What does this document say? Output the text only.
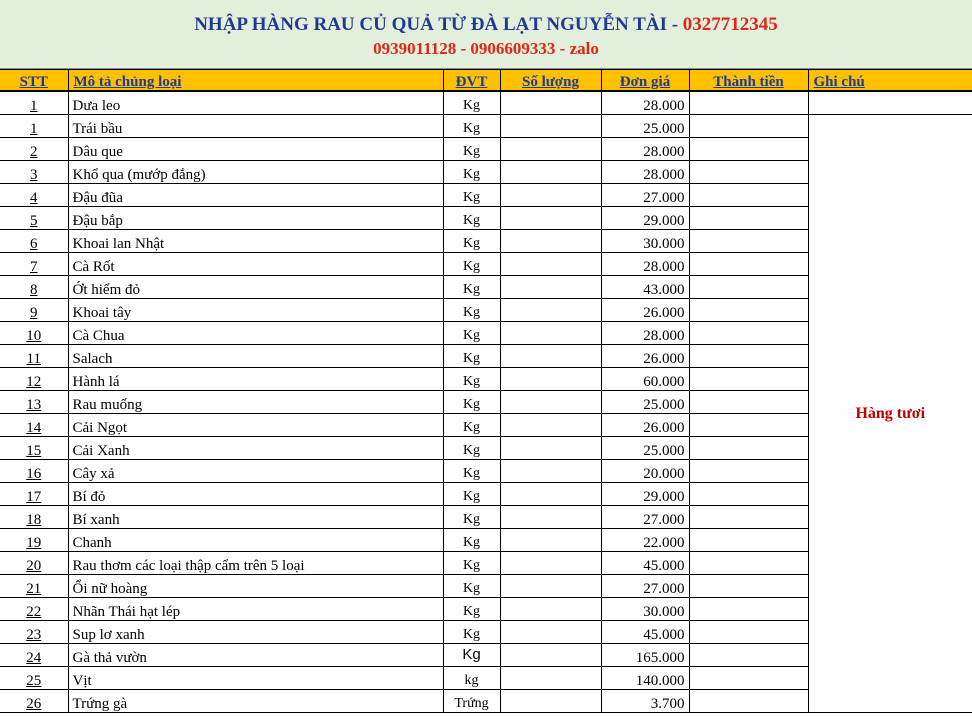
NHẬP HÀNG RAU CỦ QUẢ TỪ ĐÀ LẠT NGUYỄN TÀI - 0327712345
0939011128 - 0906609333 - zalo
STT	Mô tả chủng loại	ĐVT	Số lượng	Đơn giá	Thành tiền	Ghi chú
1	Dưa leo	Kg		28.000		
1	Trái bầu	Kg		25.000		Hàng tươi
2	Dâu que	Kg		28.000		
3	Khổ qua (mướp đắng)	Kg		28.000		
4	Đậu đũa	Kg		27.000		
5	Đậu bắp	Kg		29.000		
6	Khoai lan Nhật	Kg		30.000		
7	Cà Rốt	Kg		28.000		
8	Ớt hiểm đỏ	Kg		43.000		
9	Khoai tây	Kg		26.000		
10	Cà Chua	Kg		28.000		
11	Salach	Kg		26.000		
12	Hành lá	Kg		60.000		
13	Rau muống	Kg		25.000		
14	Cải Ngọt	Kg		26.000		
15	Cải Xanh	Kg		25.000		
16	Cây xả	Kg		20.000		
17	Bí đỏ	Kg		29.000		
18	Bí xanh	Kg		27.000		
19	Chanh	Kg		22.000		
20	Rau thơm các loại thập cẩm trên 5 loại	Kg		45.000		
21	Ổi nữ hoàng	Kg		27.000		
22	Nhãn Thái hạt lép	Kg		30.000		
23	Sup lơ xanh	Kg		45.000		
24	Gà thả vườn	Kg		165.000		
25	Vịt	kg		140.000		
26	Trứng gà	Trứng		3.700		
